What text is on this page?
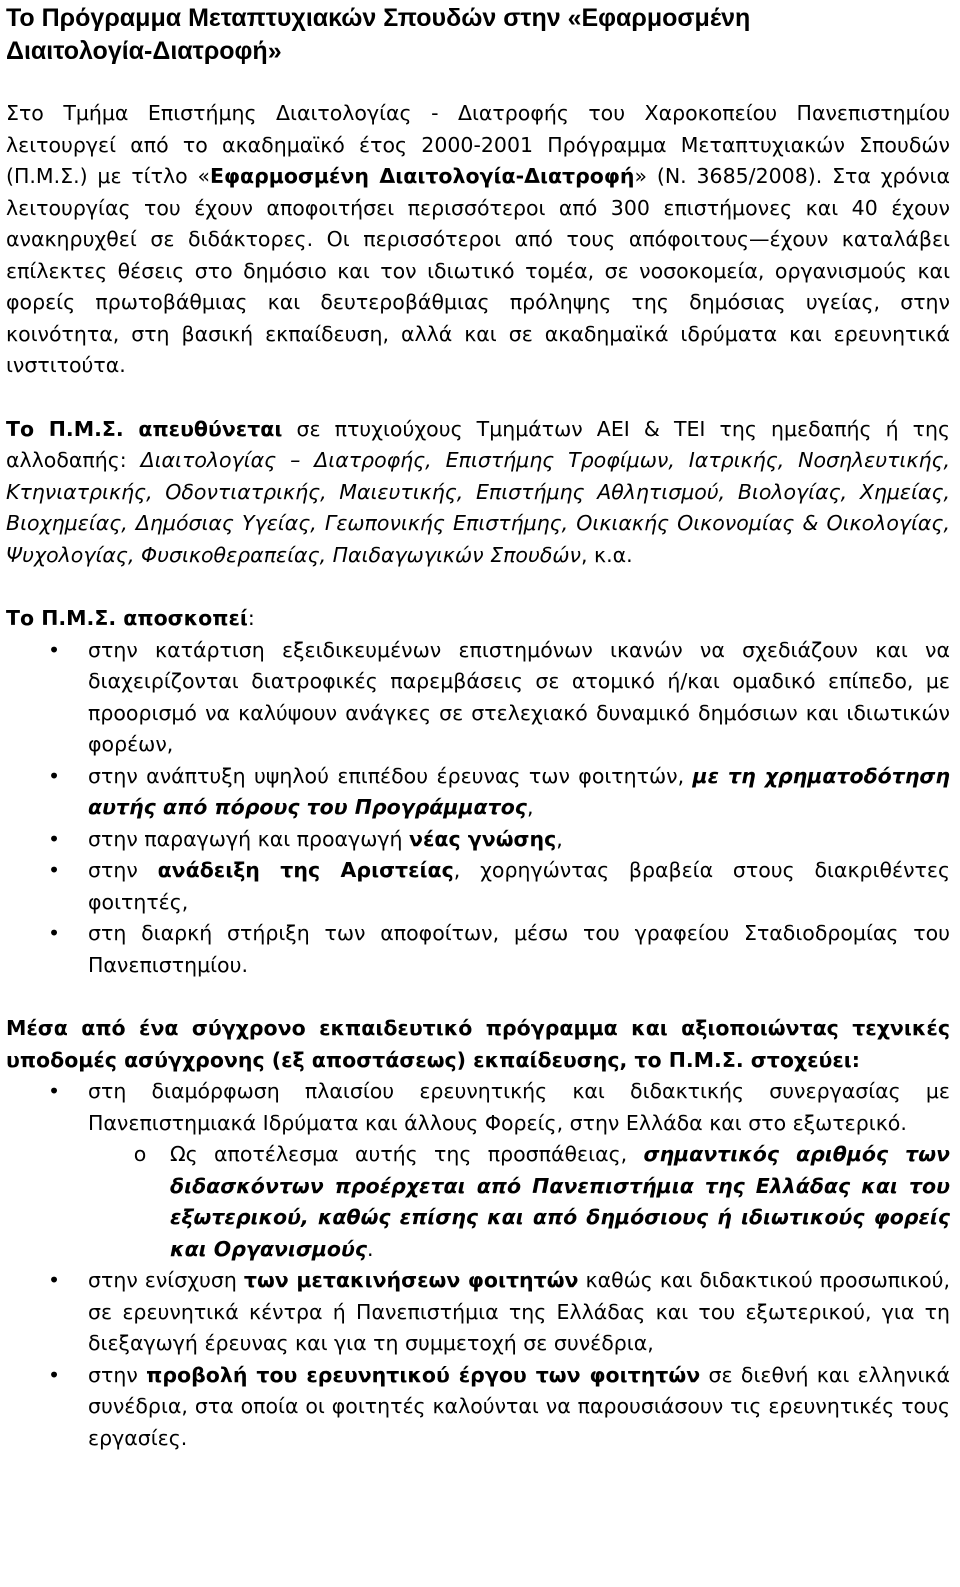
Το Πρόγραμμα Μεταπτυχιακών Σπουδών στην «Εφαρμοσμένη
Διαιτολογία-Διατροφή»

Στο Τμήμα Επιστήμης Διαιτολογίας - Διατροφής του Χαροκοπείου Πανεπιστημίου λειτουργεί από το ακαδημαϊκό έτος 2000-2001 Πρόγραμμα Μεταπτυχιακών Σπουδών (Π.Μ.Σ.) με τίτλο «Εφαρμοσμένη Διαιτολογία-Διατροφή» (Ν. 3685/2008). Στα χρόνια λειτουργίας του έχουν αποφοιτήσει περισσότεροι από 300 επιστήμονες και 40 έχουν ανακηρυχθεί σε διδάκτορες. Οι περισσότεροι από τους απόφοιτους—έχουν καταλάβει επίλεκτες θέσεις στο δημόσιο και τον ιδιωτικό τομέα, σε νοσοκομεία, οργανισμούς και φορείς πρωτοβάθμιας και δευτεροβάθμιας πρόληψης της δημόσιας υγείας, στην κοινότητα, στη βασική εκπαίδευση, αλλά και σε ακαδημαϊκά ιδρύματα και ερευνητικά ινστιτούτα.

Το Π.Μ.Σ. απευθύνεται σε πτυχιούχους Τμημάτων ΑΕΙ & ΤΕΙ της ημεδαπής ή της αλλοδαπής: Διαιτολογίας – Διατροφής, Επιστήμης Τροφίμων, Ιατρικής, Νοσηλευτικής, Κτηνιατρικής, Οδοντιατρικής, Μαιευτικής, Επιστήμης Αθλητισμού, Βιολογίας, Χημείας, Βιοχημείας, Δημόσιας Υγείας, Γεωπονικής Επιστήμης, Οικιακής Οικονομίας & Οικολογίας, Ψυχολογίας, Φυσικοθεραπείας, Παιδαγωγικών Σπουδών, κ.α.

Το Π.Μ.Σ. αποσκοπεί:

• στην κατάρτιση εξειδικευμένων επιστημόνων ικανών να σχεδιάζουν και να διαχειρίζονται διατροφικές παρεμβάσεις σε ατομικό ή/και ομαδικό επίπεδο, με προορισμό να καλύψουν ανάγκες σε στελεχιακό δυναμικό δημόσιων και ιδιωτικών φορέων,
• στην ανάπτυξη υψηλού επιπέδου έρευνας των φοιτητών, με τη χρηματοδότηση αυτής από πόρους του Προγράμματος,
• στην παραγωγή και προαγωγή νέας γνώσης,
• στην ανάδειξη της Αριστείας, χορηγώντας βραβεία στους διακριθέντες φοιτητές,
• στη διαρκή στήριξη των αποφοίτων, μέσω του γραφείου Σταδιοδρομίας του Πανεπιστημίου.

Μέσα από ένα σύγχρονο εκπαιδευτικό πρόγραμμα και αξιοποιώντας τεχνικές υποδομές ασύγχρονης (εξ αποστάσεως) εκπαίδευσης, το Π.Μ.Σ. στοχεύει:

• στη διαμόρφωση πλαισίου ερευνητικής και διδακτικής συνεργασίας με Πανεπιστημιακά Ιδρύματα και άλλους Φορείς, στην Ελλάδα και στο εξωτερικό.
o	Ως αποτέλεσμα αυτής της προσπάθειας, σημαντικός αριθμός των διδασκόντων προέρχεται από Πανεπιστήμια της Ελλάδας και του εξωτερικού, καθώς επίσης και από δημόσιους ή ιδιωτικούς φορείς και Οργανισμούς.
• στην ενίσχυση των μετακινήσεων φοιτητών καθώς και διδακτικού προσωπικού, σε ερευνητικά κέντρα ή Πανεπιστήμια της Ελλάδας και του εξωτερικού, για τη διεξαγωγή έρευνας και για τη συμμετοχή σε συνέδρια,
• στην προβολή του ερευνητικού έργου των φοιτητών σε διεθνή και ελληνικά συνέδρια, στα οποία οι φοιτητές καλούνται να παρουσιάσουν τις ερευνητικές τους εργασίες.
